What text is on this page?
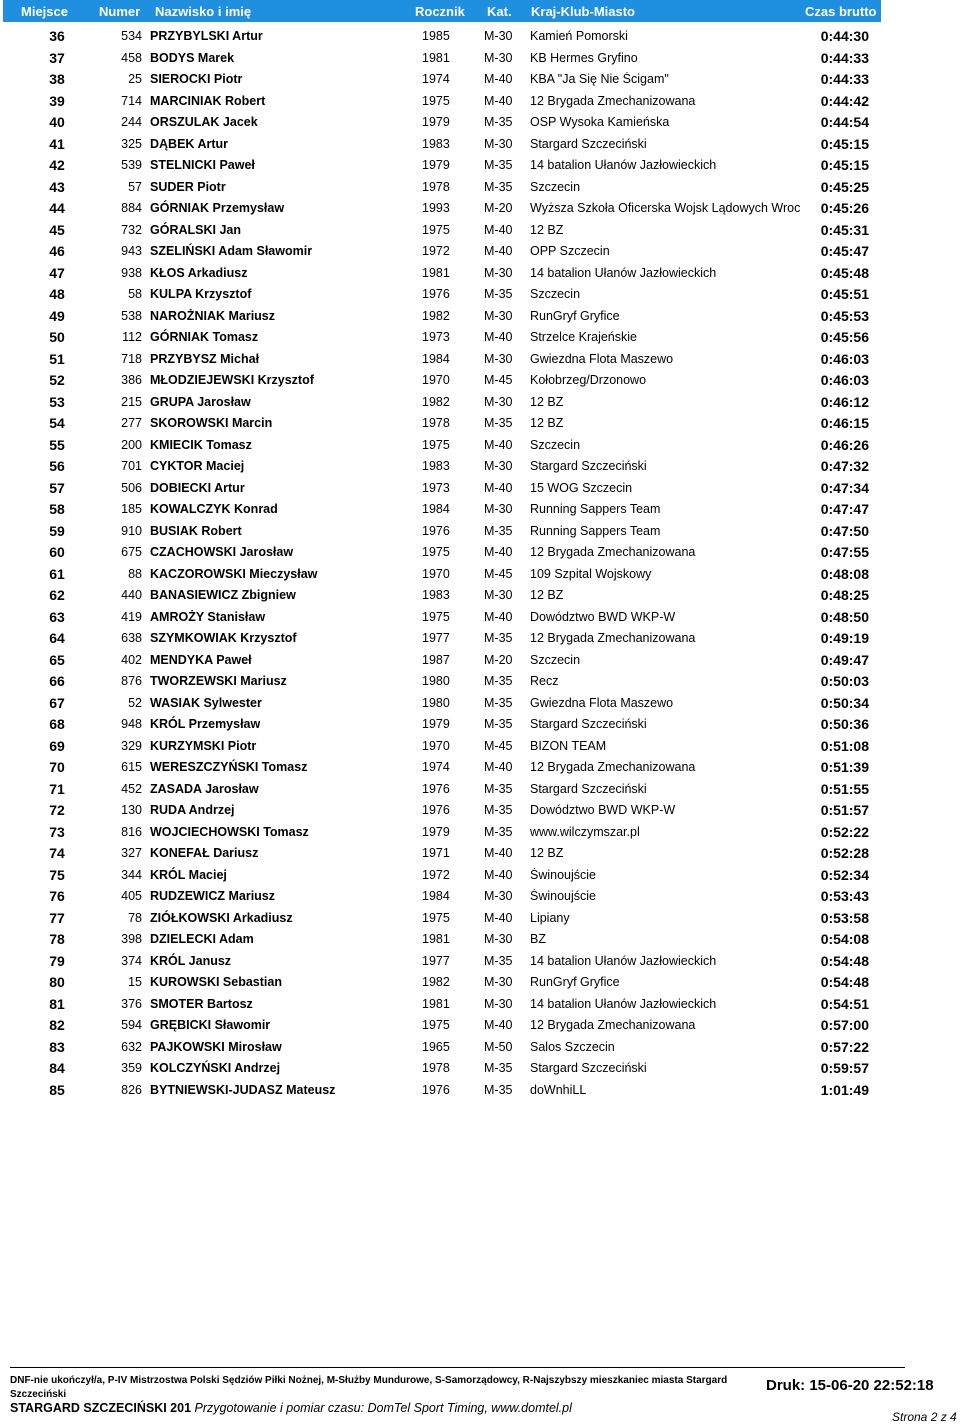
Miejsce Numer Nazwisko i imię	Rocznik Kat. Kraj-Klub-Miasto	Czas brutto
36	534 PRZYBYLSKI Artur	1985	M-30 Kamień Pomorski	0:44:30
37	458 BODYS Marek	1981	M-30 KB Hermes Gryfino	0:44:33
38	25 SIEROCKI Piotr	1974	M-40 KBA "Ja Się Nie Ścigam"	0:44:33
39	714 MARCINIAK Robert	1975	M-40 12 Brygada Zmechanizowana	0:44:42
40	244 ORSZULAK Jacek	1979	M-35 OSP Wysoka Kamieńska	0:44:54
41	325 DĄBEK Artur	1983	M-30 Stargard Szczeciński	0:45:15
42	539 STELNICKI Paweł	1979	M-35 14 batalion Ułanów Jazłowieckich	0:45:15
43	57 SUDER Piotr	1978	M-35 Szczecin	0:45:25
44	884 GÓRNIAK Przemysław	1993	M-20 Wyższa Szkoła Oficerska Wojsk Lądowych Wroc	0:45:26
45	732 GÓRALSKI Jan	1975	M-40 12 BZ	0:45:31
46	943 SZELIŃSKI Adam Sławomir	1972	M-40 OPP Szczecin	0:45:47
47	938 KŁOS Arkadiusz	1981	M-30 14 batalion Ułanów Jazłowieckich	0:45:48
48	58 KULPA Krzysztof	1976	M-35 Szczecin	0:45:51
49	538 NAROŻNIAK Mariusz	1982	M-30 RunGryf Gryfice	0:45:53
50	112 GÓRNIAK Tomasz	1973	M-40 Strzelce Krajeńskie	0:45:56
51	718 PRZYBYSZ Michał	1984	M-30 Gwiezdna Flota Maszewo	0:46:03
52	386 MŁODZIEJEWSKI Krzysztof	1970	M-45 Kołobrzeg/Drzonowo	0:46:03
53	215 GRUPA Jarosław	1982	M-30 12 BZ	0:46:12
54	277 SKOROWSKI Marcin	1978	M-35 12 BZ	0:46:15
55	200 KMIECIK Tomasz	1975	M-40 Szczecin	0:46:26
56	701 CYKTOR Maciej	1983	M-30 Stargard Szczeciński	0:47:32
57	506 DOBIECKI Artur	1973	M-40 15 WOG Szczecin	0:47:34
58	185 KOWALCZYK Konrad	1984	M-30 Running Sappers Team	0:47:47
59	910 BUSIAK Robert	1976	M-35 Running Sappers Team	0:47:50
60	675 CZACHOWSKI Jarosław	1975	M-40 12 Brygada Zmechanizowana	0:47:55
61	88 KACZOROWSKI Mieczysław	1970	M-45 109 Szpital Wojskowy	0:48:08
62	440 BANASIEWICZ Zbigniew	1983	M-30 12 BZ	0:48:25
63	419 AMROŻY Stanisław	1975	M-40 Dowództwo BWD WKP-W	0:48:50
64	638 SZYMKOWIAK Krzysztof	1977	M-35 12 Brygada Zmechanizowana	0:49:19
65	402 MENDYKA Paweł	1987	M-20 Szczecin	0:49:47
66	876 TWORZEWSKI Mariusz	1980	M-35 Recz	0:50:03
67	52 WASIAK Sylwester	1980	M-35 Gwiezdna Flota Maszewo	0:50:34
68	948 KRÓL Przemysław	1979	M-35 Stargard Szczeciński	0:50:36
69	329 KURZYMSKI Piotr	1970	M-45 BIZON TEAM	0:51:08
70	615 WERESZCZYŃSKI Tomasz	1974	M-40 12 Brygada Zmechanizowana	0:51:39
71	452 ZASADA Jarosław	1976	M-35 Stargard Szczeciński	0:51:55
72	130 RUDA Andrzej	1976	M-35 Dowództwo BWD WKP-W	0:51:57
73	816 WOJCIECHOWSKI Tomasz	1979	M-35 www.wilczymszar.pl	0:52:22
74	327 KONEFAŁ Dariusz	1971	M-40 12 BZ	0:52:28
75	344 KRÓL Maciej	1972	M-40 Świnoujście	0:52:34
76	405 RUDZEWICZ Mariusz	1984	M-30 Świnoujście	0:53:43
77	78 ZIÓŁKOWSKI Arkadiusz	1975	M-40 Lipiany	0:53:58
78	398 DZIELECKI Adam	1981	M-30 BZ	0:54:08
79	374 KRÓL Janusz	1977	M-35 14 batalion Ułanów Jazłowieckich	0:54:48
80	15 KUROWSKI Sebastian	1982	M-30 RunGryf Gryfice	0:54:48
81	376 SMOTER Bartosz	1981	M-30 14 batalion Ułanów Jazłowieckich	0:54:51
82	594 GRĘBICKI Sławomir	1975	M-40 12 Brygada Zmechanizowana	0:57:00
83	632 PAJKOWSKI Mirosław	1965	M-50 Salos Szczecin	0:57:22
84	359 KOLCZYŃSKI Andrzej	1978	M-35 Stargard Szczeciński	0:59:57
85	826 BYTNIEWSKI-JUDASZ Mateusz	1976	M-35 doWnhiLL	1:01:49
DNF-nie ukończył/a, P-IV Mistrzostwa Polski Sędziów Piłki Nożnej, M-Służby Mundurowe, S-Samorządowcy, R-Najszybszy mieszkaniec miasta Stargard
Szczeciński
STARGARD SZCZECIŃSKI 201 Przygotowanie i pomiar czasu: DomTel Sport Timing, www.domtel.pl
Druk: 15-06-20 22:52:18
Strona 2 z 4
